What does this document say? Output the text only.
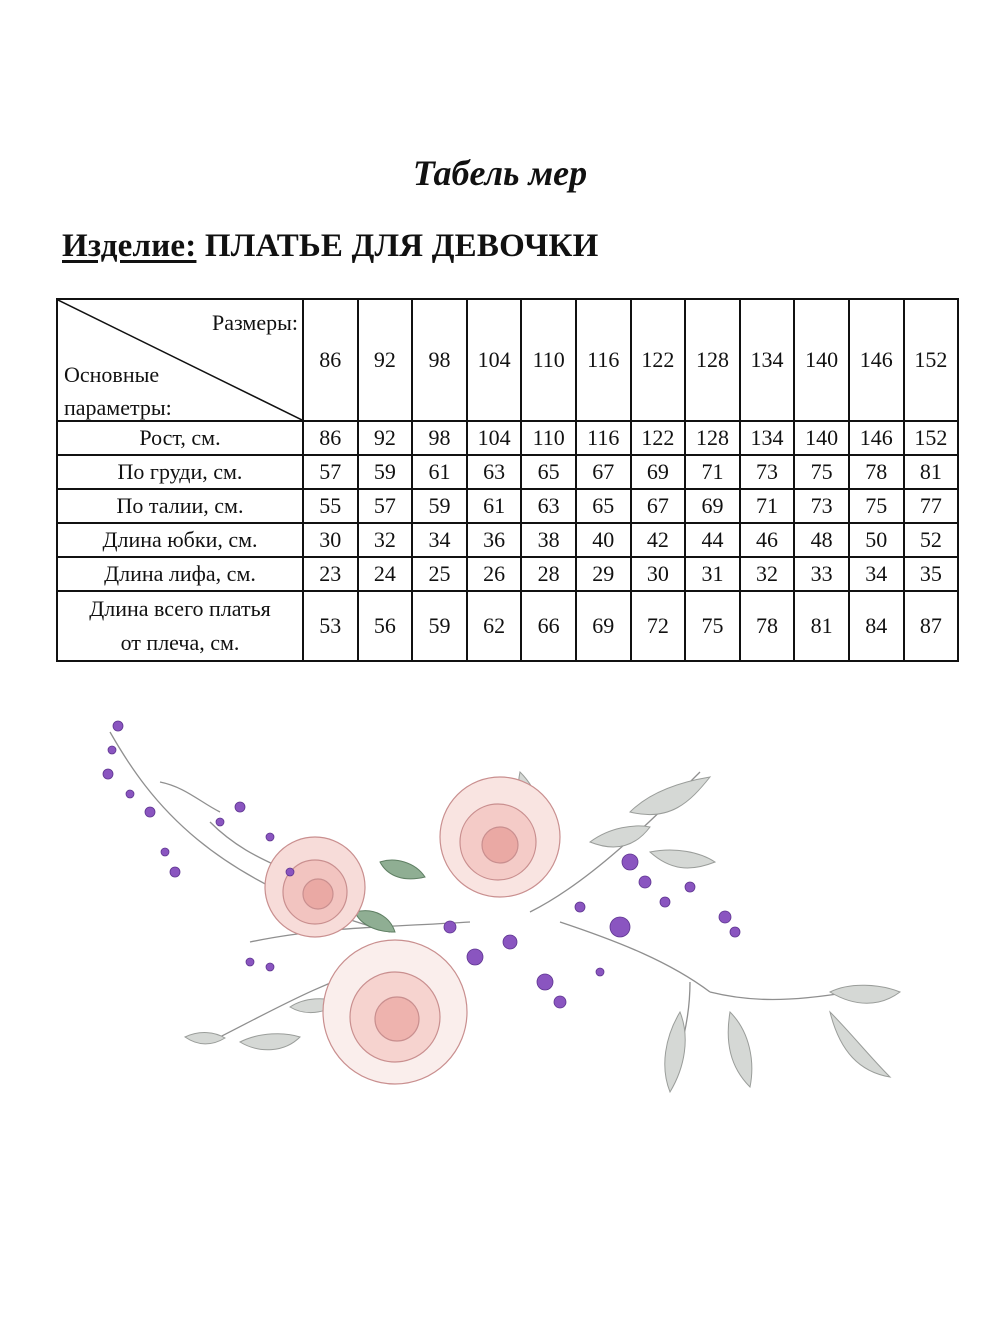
Табель мер

Изделие: ПЛАТЬЕ ДЛЯ ДЕВОЧКИ

Размеры:
Основные
параметры:	86	92	98	104	110	116	122	128	134	140	146	152
Рост, см.	86	92	98	104	110	116	122	128	134	140	146	152
По груди, см.	57	59	61	63	65	67	69	71	73	75	78	81
По талии, см.	55	57	59	61	63	65	67	69	71	73	75	77
Длина юбки, см.	30	32	34	36	38	40	42	44	46	48	50	52
Длина лифа, см.	23	24	25	26	28	29	30	31	32	33	34	35

Длина всего платья
от плеча, см.	53	56	59	62	66	69	72	75	78	81	84	87
